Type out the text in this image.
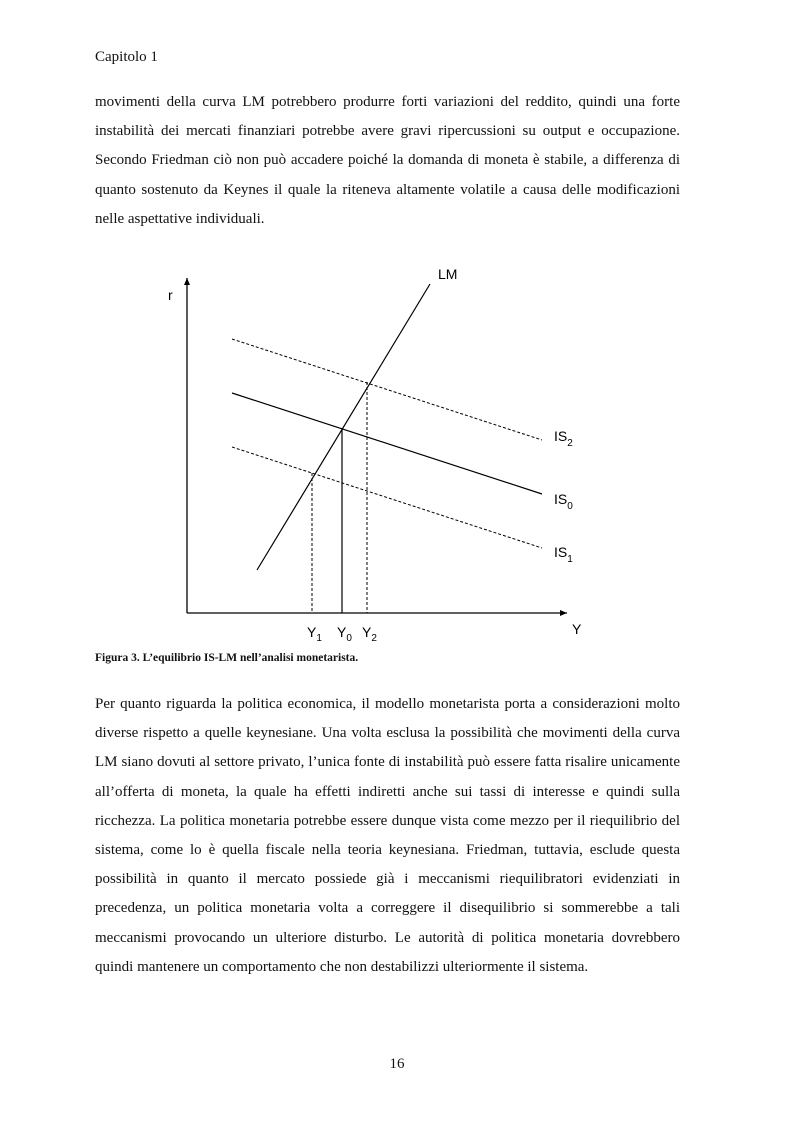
Capitolo 1

movimenti della curva LM potrebbero produrre forti variazioni del reddito, quindi una forte instabilità dei mercati finanziari potrebbe avere gravi ripercussioni su output e occupazione. Secondo Friedman ciò non può accadere poiché la domanda di moneta è stabile, a differenza di quanto sostenuto da Keynes il quale la riteneva altamente volatile a causa delle modificazioni nelle aspettative individuali.

r
Y
LM
$IS_2$
$IS_0$
$IS_1$
$Y_1$ $Y_0$ $Y_2$
Figura 3. L’equilibrio IS-LM nell’analisi monetarista.

Per quanto riguarda la politica economica, il modello monetarista porta a considerazioni molto diverse rispetto a quelle keynesiane. Una volta esclusa la possibilità che movimenti della curva LM siano dovuti al settore privato, l’unica fonte di instabilità può essere fatta risalire unicamente all’offerta di moneta, la quale ha effetti indiretti anche sui tassi di interesse e quindi sulla ricchezza. La politica monetaria potrebbe essere dunque vista come mezzo per il riequilibrio del sistema, come lo è quella fiscale nella teoria keynesiana. Friedman, tuttavia, esclude questa possibilità in quanto il mercato possiede già i meccanismi riequilibratori evidenziati in precedenza, un politica monetaria volta a correggere il disequilibrio si sommerebbe a tali meccanismi provocando un ulteriore disturbo. Le autorità di politica monetaria dovrebbero quindi mantenere un comportamento che non destabilizzi ulteriormente il sistema.

16
